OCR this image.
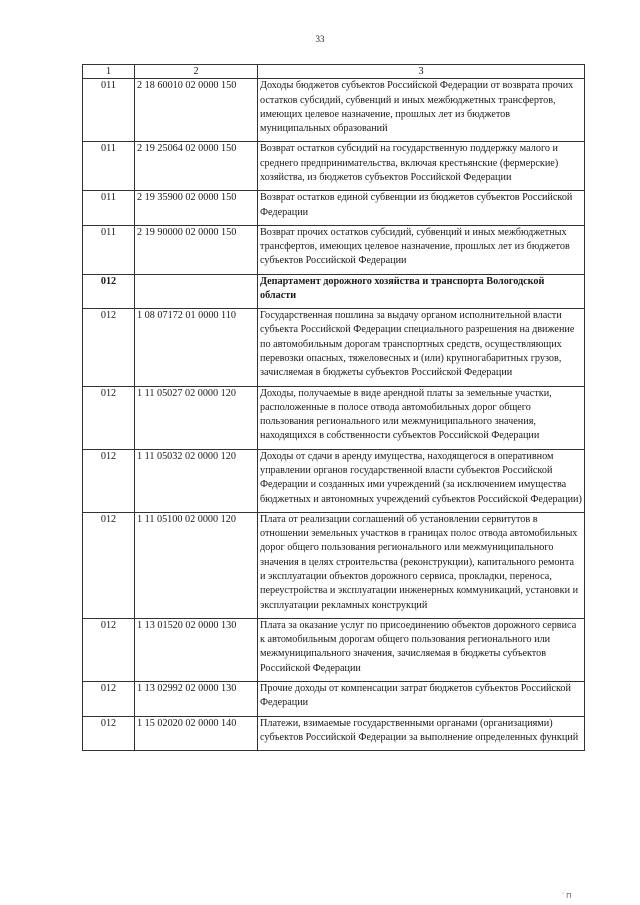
33
1	2	3
011	2 18 60010 02 0000 150	Доходы бюджетов субъектов Российской Федерации от возврата прочих остатков субсидий, субвенций и иных межбюджетных трансфертов, имеющих целевое назначение, прошлых лет из бюджетов муниципальных образований
011	2 19 25064 02 0000 150	Возврат остатков субсидий на государственную поддержку малого и среднего предпринимательства, включая крестьянские (фермерские) хозяйства, из бюджетов субъектов Российской Федерации
011	2 19 35900 02 0000 150	Возврат остатков единой субвенции из бюджетов субъектов Российской Федерации
011	2 19 90000 02 0000 150	Возврат прочих остатков субсидий, субвенций и иных межбюджетных трансфертов, имеющих целевое назначение, прошлых лет из бюджетов субъектов Российской Федерации
012		Департамент дорожного хозяйства и транспорта Вологодской области
012	1 08 07172 01 0000 110	Государственная пошлина за выдачу органом исполнительной власти субъекта Российской Федерации специального разрешения на движение по автомобильным дорогам транспортных средств, осуществляющих перевозки опасных, тяжеловесных и (или) крупногабаритных грузов, зачисляемая в бюджеты субъектов Российской Федерации
012	1 11 05027 02 0000 120	Доходы, получаемые в виде арендной платы за земельные участки, расположенные в полосе отвода автомобильных дорог общего пользования регионального или межмуниципального значения, находящихся в собственности субъектов Российской Федерации
012	1 11 05032 02 0000 120	Доходы от сдачи в аренду имущества, находящегося в оперативном управлении органов государственной власти субъектов Российской Федерации и созданных ими учреждений (за исключением имущества бюджетных и автономных учреждений субъектов Российской Федерации)
012	1 11 05100 02 0000 120	Плата от реализации соглашений об установлении сервитутов в отношении земельных участков в границах полос отвода автомобильных дорог общего пользования регионального или межмуниципального значения в целях строительства (реконструкции), капитального ремонта и эксплуатации объектов дорожного сервиса, прокладки, переноса, переустройства и эксплуатации инженерных коммуникаций, установки и эксплуатации рекламных конструкций
012	1 13 01520 02 0000 130	Плата за оказание услуг по присоединению объектов дорожного сервиса к автомобильным дорогам общего пользования регионального или межмуниципального значения, зачисляемая в бюджеты субъектов Российской Федерации
012	1 13 02992 02 0000 130	Прочие доходы от компенсации затрат бюджетов субъектов Российской Федерации
012	1 15 02020 02 0000 140	Платежи, взимаемые государственными органами (организациями) субъектов Российской Федерации за выполнение определенных функций
´ Π
